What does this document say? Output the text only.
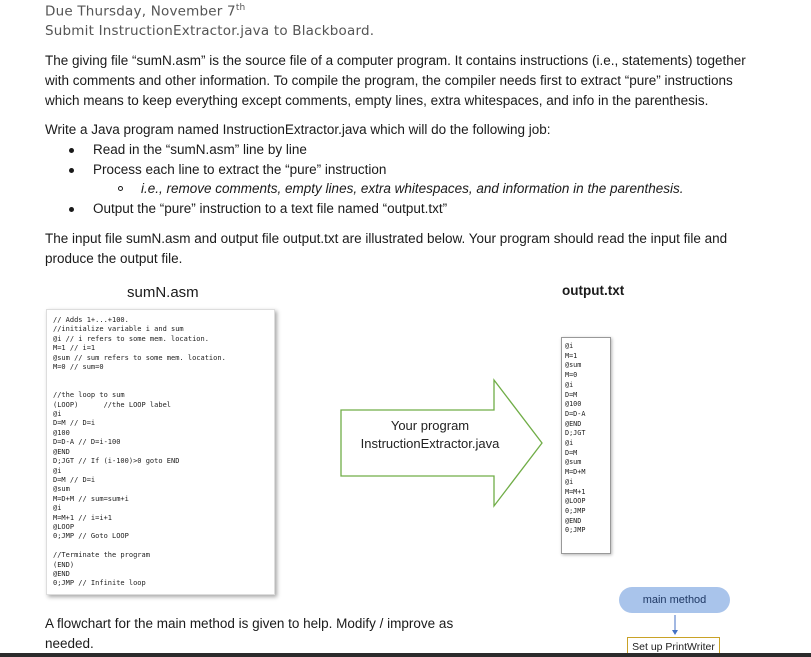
Due Thursday, November 7th
Submit InstructionExtractor.java to Blackboard.
The giving file “sumN.asm” is the source file of a computer program. It contains instructions (i.e., statements) together
with comments and other information. To compile the program, the compiler needs first to extract “pure” instructions
which means to keep everything except comments, empty lines, extra whitespaces, and info in the parenthesis.
Write a Java program named InstructionExtractor.java which will do the following job:
Read in the “sumN.asm” line by line
Process each line to extract the “pure” instruction
i.e., remove comments, empty lines, extra whitespaces, and information in the parenthesis.
Output the “pure” instruction to a text file named “output.txt”
The input file sumN.asm and output file output.txt are illustrated below. Your program should read the input file and
produce the output file.
sumN.asm	output.txt
// Adds 1+...+100.
//initialize variable i and sum
@i // i refers to some mem. location.
M=1 // i=1
@sum // sum refers to some mem. location.
M=0 // sum=0

//the loop to sum
(LOOP)      //the LOOP label
@i
D=M // D=i
@100
D=D-A // D=i-100
@END
D;JGT // If (i-100)>0 goto END
@i
D=M // D=i
@sum
M=D+M // sum=sum+i
@i
M=M+1 // i=i+1
@LOOP
0;JMP // Goto LOOP

//Terminate the program
(END)
@END
0;JMP // Infinite loop
Your program
InstructionExtractor.java
@i
M=1
@sum
M=0
@i
D=M
@100
D=D-A
@END
D;JGT
@i
D=M
@sum
M=D+M
@i
M=M+1
@LOOP
0;JMP
@END
0;JMP
A flowchart for the main method is given to help. Modify / improve as
needed.
main method
Set up PrintWriter
